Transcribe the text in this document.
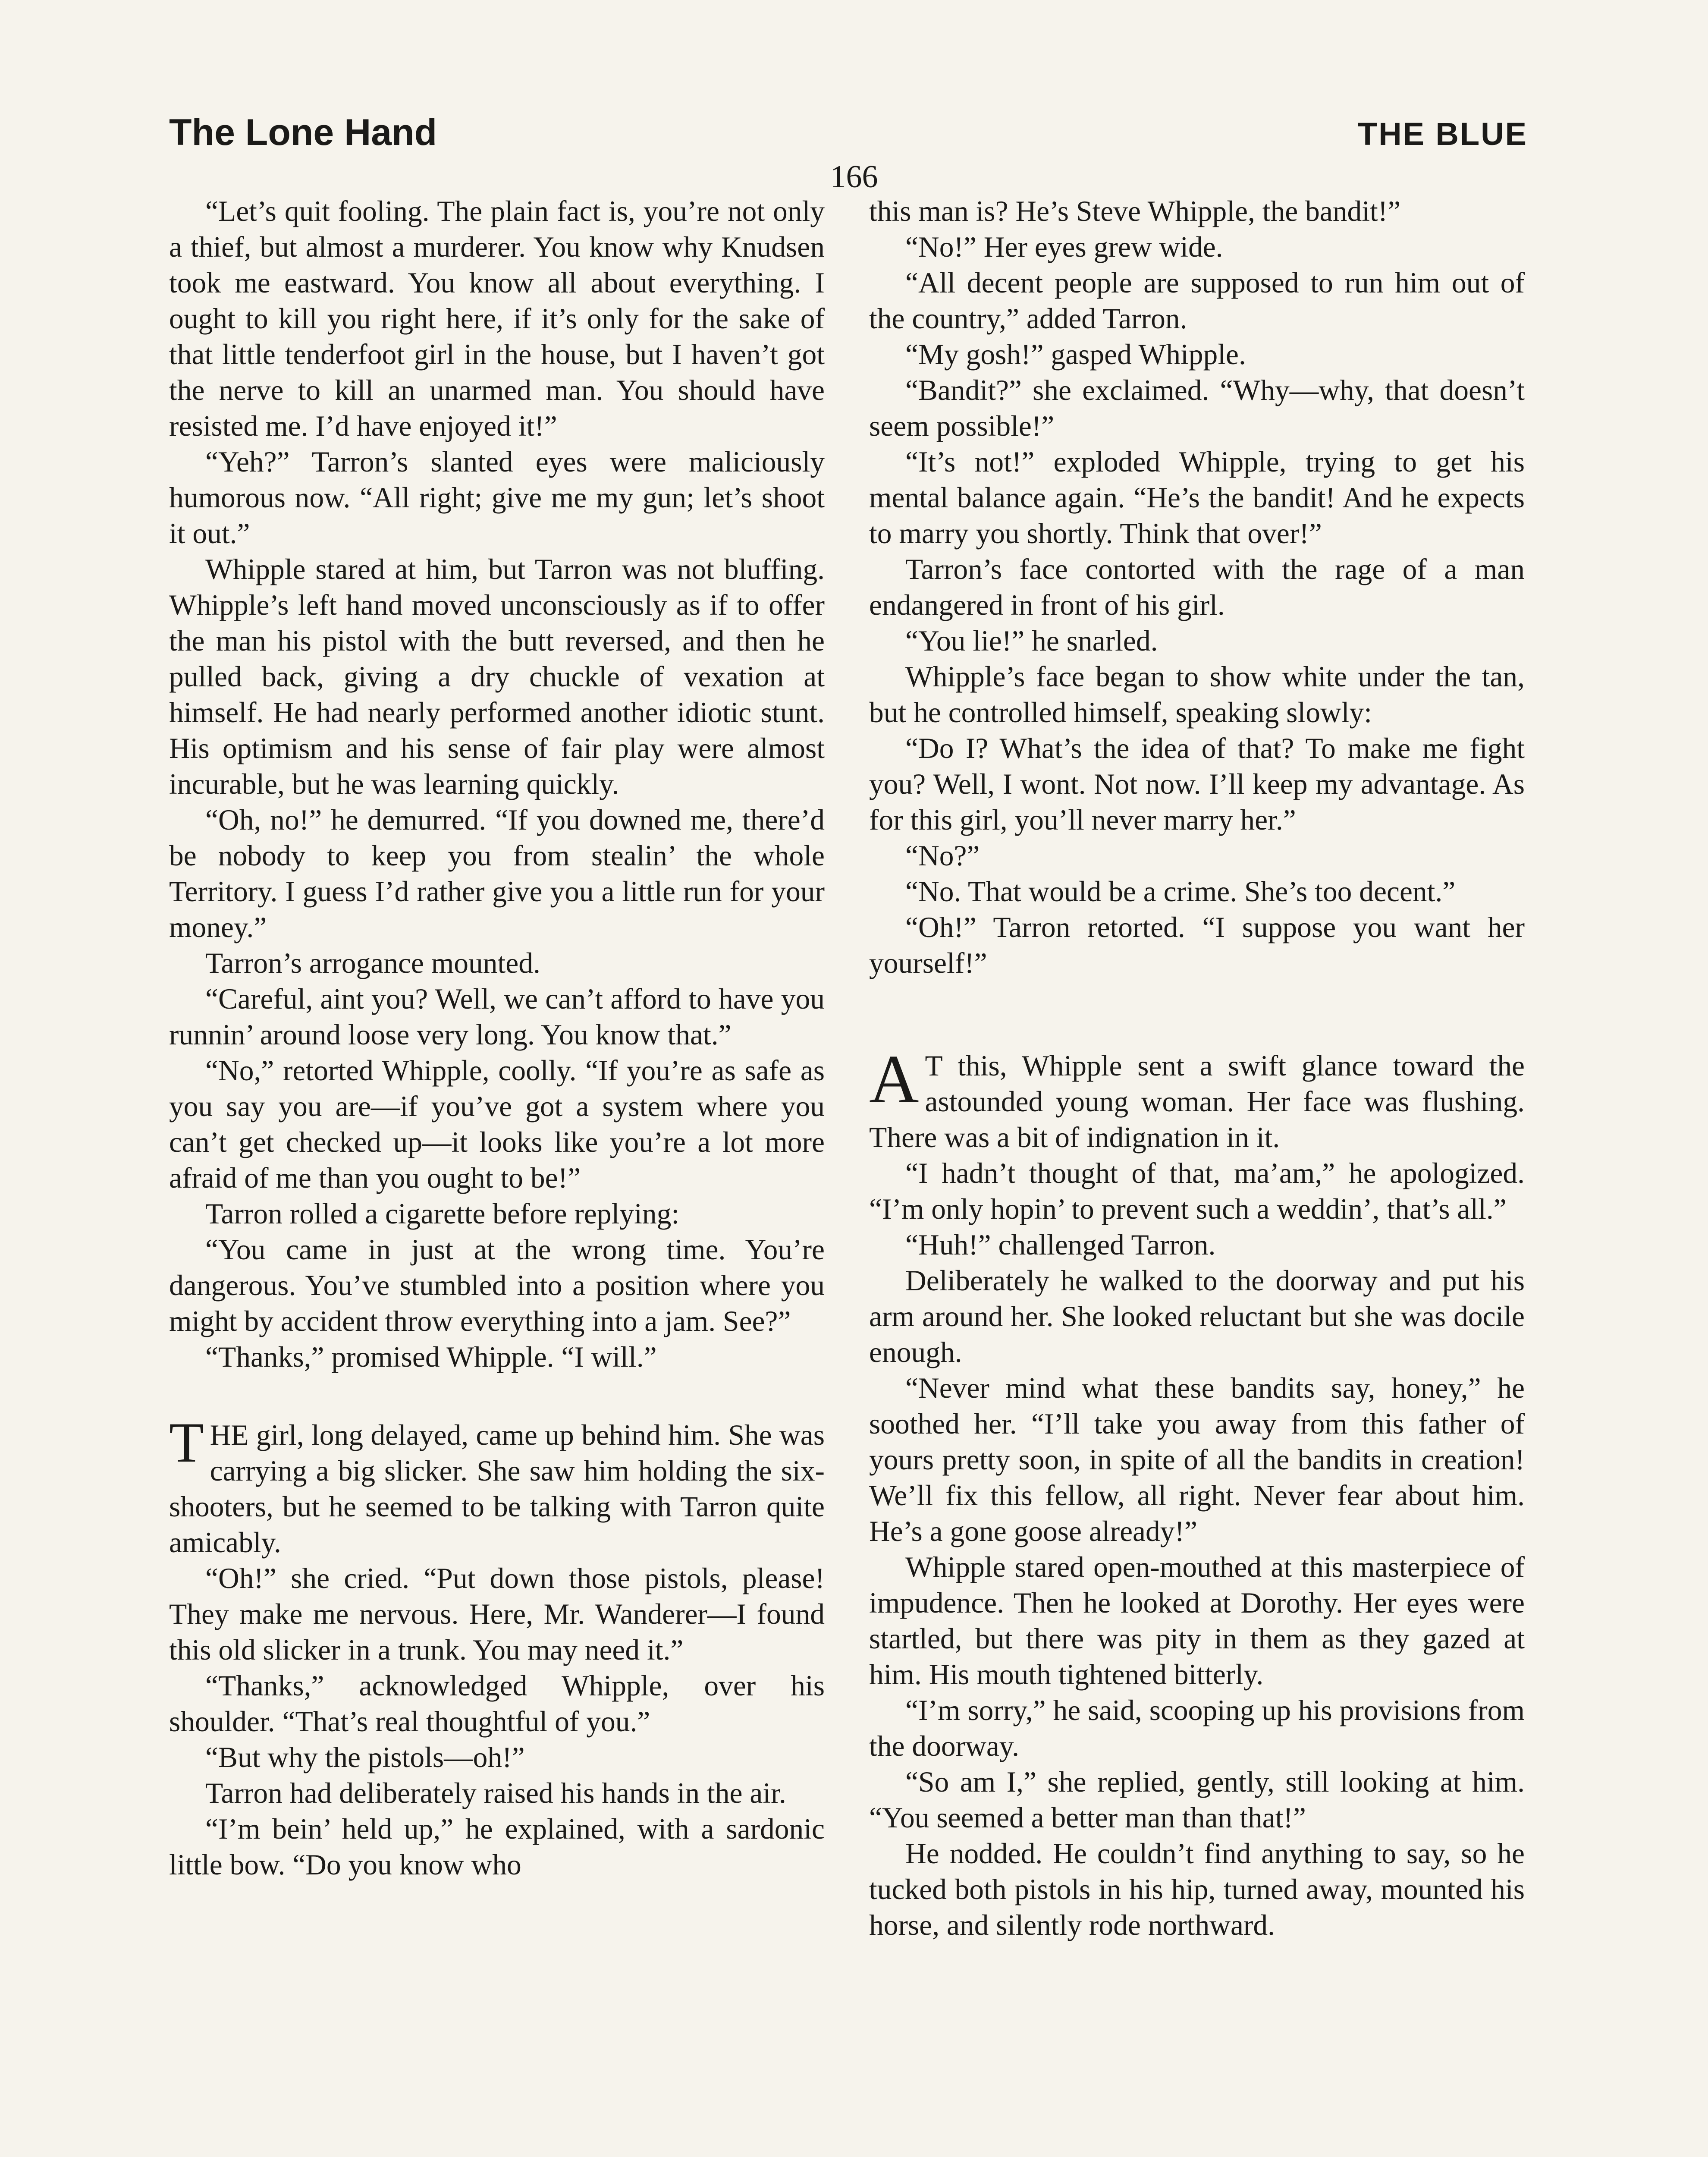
The Lone Hand	THE BLUE
166

“Let’s quit fooling. The plain fact is, you’re not only a thief, but almost a murderer. You know why Knudsen took me eastward. You know all about everything. I ought to kill you right here, if it’s only for the sake of that little tenderfoot girl in the house, but I haven’t got the nerve to kill an unarmed man. You should have resisted me. I’d have enjoyed it!”

“Yeh?” Tarron’s slanted eyes were maliciously humorous now. “All right; give me my gun; let’s shoot it out.”

Whipple stared at him, but Tarron was not bluffing. Whipple’s left hand moved unconsciously as if to offer the man his pistol with the butt reversed, and then he pulled back, giving a dry chuckle of vexation at himself. He had nearly performed another idiotic stunt. His optimism and his sense of fair play were almost incurable, but he was learning quickly.

“Oh, no!” he demurred. “If you downed me, there’d be nobody to keep you from stealin’ the whole Territory. I guess I’d rather give you a little run for your money.”

Tarron’s arrogance mounted.

“Careful, aint you? Well, we can’t afford to have you runnin’ around loose very long. You know that.”

“No,” retorted Whipple, coolly. “If you’re as safe as you say you are—if you’ve got a system where you can’t get checked up—it looks like you’re a lot more afraid of me than you ought to be!”

Tarron rolled a cigarette before replying:

“You came in just at the wrong time. You’re dangerous. You’ve stumbled into a position where you might by accident throw everything into a jam. See?”

“Thanks,” promised Whipple. “I will.”

THE girl, long delayed, came up behind him. She was carrying a big slicker. She saw him holding the six-shooters, but he seemed to be talking with Tarron quite amicably.

“Oh!” she cried. “Put down those pistols, please! They make me nervous. Here, Mr. Wanderer—I found this old slicker in a trunk. You may need it.”

“Thanks,” acknowledged Whipple, over his shoulder. “That’s real thoughtful of you.”

“But why the pistols—oh!”

Tarron had deliberately raised his hands in the air.

“I’m bein’ held up,” he explained, with a sardonic little bow. “Do you know who

this man is? He’s Steve Whipple, the bandit!”

“No!” Her eyes grew wide.

“All decent people are supposed to run him out of the country,” added Tarron.

“My gosh!” gasped Whipple.

“Bandit?” she exclaimed. “Why—why, that doesn’t seem possible!”

“It’s not!” exploded Whipple, trying to get his mental balance again. “He’s the bandit! And he expects to marry you shortly. Think that over!”

Tarron’s face contorted with the rage of a man endangered in front of his girl.

“You lie!” he snarled.

Whipple’s face began to show white under the tan, but he controlled himself, speaking slowly:

“Do I? What’s the idea of that? To make me fight you? Well, I wont. Not now. I’ll keep my advantage. As for this girl, you’ll never marry her.”

“No?”

“No. That would be a crime. She’s too decent.”

“Oh!” Tarron retorted. “I suppose you want her yourself!”

A T this, Whipple sent a swift glance toward the astounded young woman. Her face was flushing. There was a bit of indignation in it.

“I hadn’t thought of that, ma’am,” he apologized. “I’m only hopin’ to prevent such a weddin’, that’s all.”

“Huh!” challenged Tarron.

Deliberately he walked to the doorway and put his arm around her. She looked reluctant but she was docile enough.

“Never mind what these bandits say, honey,” he soothed her. “I’ll take you away from this father of yours pretty soon, in spite of all the bandits in creation! We’ll fix this fellow, all right. Never fear about him. He’s a gone goose already!”

Whipple stared open-mouthed at this masterpiece of impudence. Then he looked at Dorothy. Her eyes were startled, but there was pity in them as they gazed at him. His mouth tightened bitterly.

“I’m sorry,” he said, scooping up his provisions from the doorway.

“So am I,” she replied, gently, still looking at him. “You seemed a better man than that!”

He nodded. He couldn’t find anything to say, so he tucked both pistols in his hip, turned away, mounted his horse, and silently rode northward.
